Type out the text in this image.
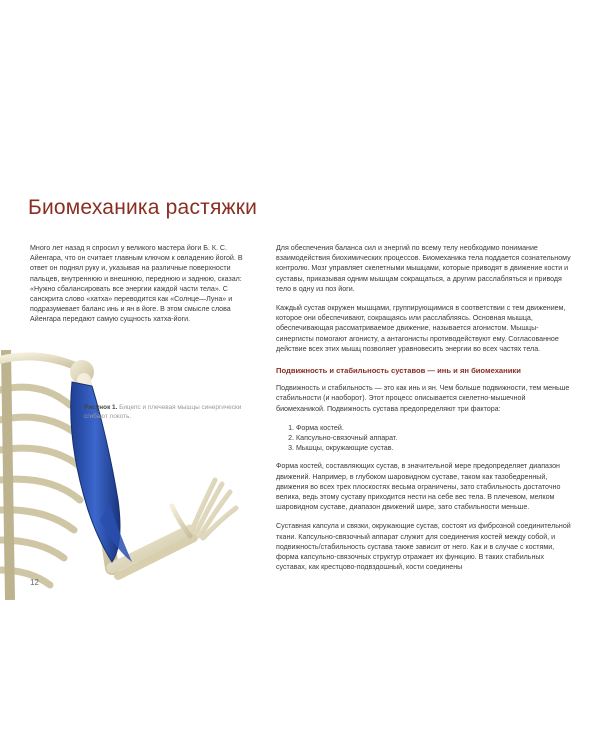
Биомеханика растяжки

Много лет назад я спросил у великого мастера йоги Б. К. С. Айенгара, что он считает главным ключом к овладению йогой. В ответ он поднял руку и, указывая на различные поверхности пальцев, внутреннюю и внешнюю, переднюю и заднюю, сказал: «Нужно сбалансировать все энергии каждой части тела». С санскрита слово «хатха» переводится как «Солнце—Луна» и подразумевает баланс инь и ян в йоге. В этом смысле слова Айенгара передают самую сущность хатха-йоги.

Для обеспечения баланса сил и энергий по всему телу необходимо понимание взаимодействия биохимических процессов. Биомеханика тела поддается сознательному контролю. Мозг управляет скелетными мышцами, которые приводят в движение кости и суставы, приказывая одним мышцам сокращаться, а другим расслабляться и приводя тело в одну из поз йоги.

Каждый сустав окружен мышцами, группирующимися в соответствии с тем движением, которое они обеспечивают, сокращаясь или расслабляясь. Основная мышца, обеспечивающая рассматриваемое движение, называется агонистом. Мышцы-синергисты помогают агонисту, а антагонисты противодействуют ему. Согласованное действие всех этих мышц позволяет уравновесить энергии во всех частях тела.

Подвижность и стабильность суставов — инь и ян биомеханики

Подвижность и стабильность — это как инь и ян. Чем больше подвижности, тем меньше стабильности (и наоборот). Этот процесс описывается скелетно-мышечной биомеханикой. Подвижность сустава предопределяют три фактора:

1. Форма костей.
2. Капсульно-связочный аппарат.
3. Мышцы, окружающие сустав.

Форма костей, составляющих сустав, в значительной мере предопределяет диапазон движений. Например, в глубоком шаровидном суставе, таком как тазобедренный, движения во всех трех плоскостях весьма ограничены, зато стабильность достаточно велика, ведь этому суставу приходится нести на себе вес тела. В плечевом, мелком шаровидном суставе, диапазон движений шире, зато стабильности меньше.

Суставная капсула и связки, окружающие сустав, состоят из фиброзной соединительной ткани. Капсульно-связочный аппарат служит для соединения костей между собой, и подвижность/стабильность сустава также зависит от него. Как и в случае с костями, форма капсульно-связочных структур отражает их функцию. В таких стабильных суставах, как крестцово-подвздошный, кости соединены

Рисунок 1. Бицепс и плечевая мышцы синергически сгибают локоть.
12
